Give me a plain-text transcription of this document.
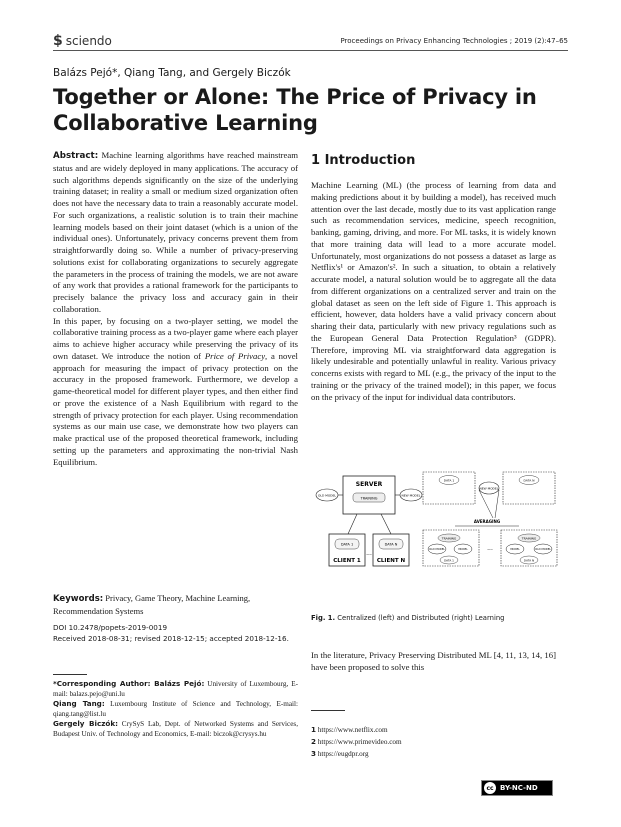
$ sciendo	Proceedings on Privacy Enhancing Technologies ; 2019 (2):47–65
Balázs Pejó*, Qiang Tang, and Gergely Biczók
Together or Alone: The Price of Privacy in Collaborative Learning

Abstract: Machine learning algorithms have reached mainstream status and are widely deployed in many applications. The accuracy of such algorithms depends significantly on the size of the underlying training dataset; in reality a small or medium sized organization often does not have the necessary data to train a reasonably accurate model. For such organizations, a realistic solution is to train their machine learning models based on their joint dataset (which is a union of the individual ones). Unfortunately, privacy concerns prevent them from straightforwardly doing so. While a number of privacy-preserving solutions exist for collaborating organizations to securely aggregate the parameters in the process of training the models, we are not aware of any work that provides a rational framework for the participants to precisely balance the privacy loss and accuracy gain in their collaboration.

In this paper, by focusing on a two-player setting, we model the collaborative training process as a two-player game where each player aims to achieve higher accuracy while preserving the privacy of its own dataset. We introduce the notion of Price of Privacy, a novel approach for measuring the impact of privacy protection on the accuracy in the proposed framework. Furthermore, we develop a game-theoretical model for different player types, and then either find or prove the existence of a Nash Equilibrium with regard to the strength of privacy protection for each player. Using recommendation systems as our main use case, we demonstrate how two players can make practical use of the proposed theoretical framework, including setting up the parameters and approximating the non-trivial Nash Equilibrium.

Keywords: Privacy, Game Theory, Machine Learning, Recommendation Systems
DOI 10.2478/popets-2019-0019
Received 2018-08-31; revised 2018-12-15; accepted 2018-12-16.
*Corresponding Author: Balázs Pejó: University of Luxembourg, E-mail: balazs.pejo@uni.lu
Qiang Tang: Luxembourg Institute of Science and Technology, E-mail: qiang.tang@list.lu
Gergely Biczók: CrySyS Lab, Dept. of Networked Systems and Services, Budapest Univ. of Technology and Economics, E-mail: biczok@crysys.hu
1 Introduction
Machine Learning (ML) (the process of learning from data and making predictions about it by building a model), has received much attention over the last decade, mostly due to its vast application range such as recommendation services, medicine, speech recognition, banking, gaming, driving, and more. For ML tasks, it is widely known that more training data will lead to a more accurate model. Unfortunately, most organizations do not possess a dataset as large as Netflix's¹ or Amazon's². In such a situation, to obtain a relatively accurate model, a natural solution would be to aggregate all the data from different organizations on a centralized server and train on the global dataset as seen on the left side of Figure 1. This approach is efficient, however, data holders have a valid privacy concern about sharing their data, particularly with new privacy regulations such as the European General Data Protection Regulation³ (GDPR). Therefore, improving ML via straightforward data aggregation is likely undesirable and potentially unlawful in reality. Various privacy concerns exists with regard to ML (e.g., the privacy of the input to the training or the privacy of the trained model); in this paper, we focus on the privacy of the input for individual data contributors.
SERVER
TRAINING
OLD MODEL	NEW MODEL
DATA 1
CLIENT 1
...
DATA N
CLIENT N
DATA 1	DATA N
NEW MODEL
AVERAGING
...
TRAINING	TRAINING
OLD MODEL	MODEL	MODEL	OLD MODEL
DATA 1	DATA N
Fig. 1. Centralized (left) and Distributed (right) Learning
In the literature, Privacy Preserving Distributed ML [4, 11, 13, 14, 16] have been proposed to solve this
1 https://www.netflix.com
2 https://www.primevideo.com
3 https://eugdpr.org
cc BY-NC-ND
